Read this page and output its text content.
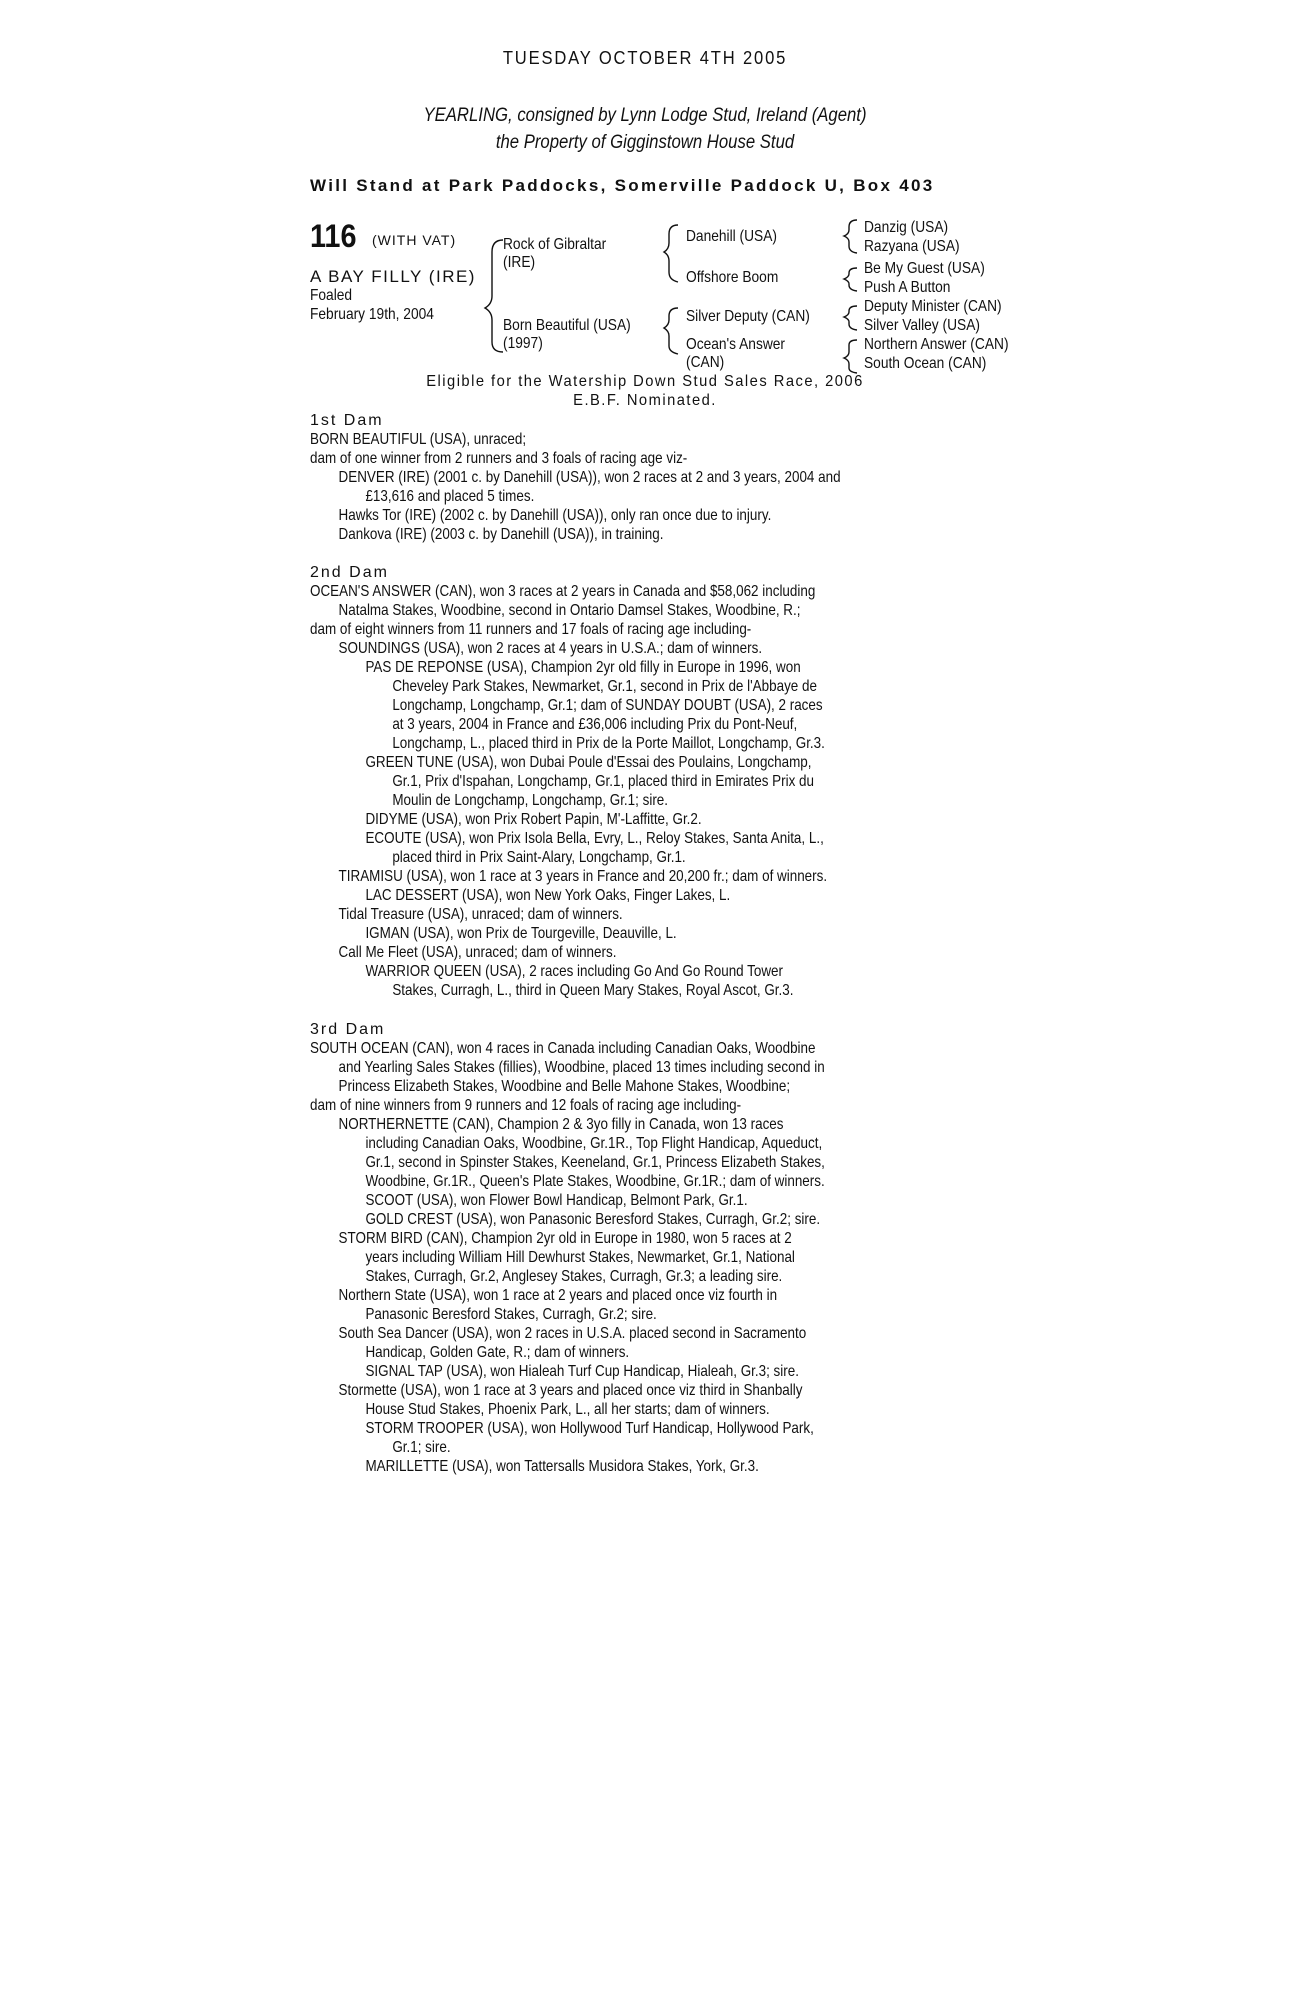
TUESDAY OCTOBER 4TH 2005
YEARLING, consigned by Lynn Lodge Stud, Ireland (Agent)
the Property of Gigginstown House Stud
Will Stand at Park Paddocks, Somerville Paddock U, Box 403
116 (WITH VAT)
A BAY FILLY (IRE)
Foaled
February 19th, 2004
Rock of Gibraltar
(IRE)
Born Beautiful (USA)
(1997)
Danehill (USA)
Offshore Boom
Silver Deputy (CAN)
Ocean's Answer
(CAN)
Danzig (USA)
Razyana (USA)
Be My Guest (USA)
Push A Button
Deputy Minister (CAN)
Silver Valley (USA)
Northern Answer (CAN)
South Ocean (CAN)
Eligible for the Watership Down Stud Sales Race, 2006
E.B.F. Nominated.
1st Dam
BORN BEAUTIFUL (USA), unraced;
dam of one winner from 2 runners and 3 foals of racing age viz-
DENVER (IRE) (2001 c. by Danehill (USA)), won 2 races at 2 and 3 years, 2004 and
£13,616 and placed 5 times.
Hawks Tor (IRE) (2002 c. by Danehill (USA)), only ran once due to injury.
Dankova (IRE) (2003 c. by Danehill (USA)), in training.
2nd Dam
OCEAN'S ANSWER (CAN), won 3 races at 2 years in Canada and $58,062 including
Natalma Stakes, Woodbine, second in Ontario Damsel Stakes, Woodbine, R.;
dam of eight winners from 11 runners and 17 foals of racing age including-
SOUNDINGS (USA), won 2 races at 4 years in U.S.A.; dam of winners.
PAS DE REPONSE (USA), Champion 2yr old filly in Europe in 1996, won
Cheveley Park Stakes, Newmarket, Gr.1, second in Prix de l'Abbaye de
Longchamp, Longchamp, Gr.1; dam of SUNDAY DOUBT (USA), 2 races
at 3 years, 2004 in France and £36,006 including Prix du Pont-Neuf,
Longchamp, L., placed third in Prix de la Porte Maillot, Longchamp, Gr.3.
GREEN TUNE (USA), won Dubai Poule d'Essai des Poulains, Longchamp,
Gr.1, Prix d'Ispahan, Longchamp, Gr.1, placed third in Emirates Prix du
Moulin de Longchamp, Longchamp, Gr.1; sire.
DIDYME (USA), won Prix Robert Papin, M'-Laffitte, Gr.2.
ECOUTE (USA), won Prix Isola Bella, Evry, L., Reloy Stakes, Santa Anita, L.,
placed third in Prix Saint-Alary, Longchamp, Gr.1.
TIRAMISU (USA), won 1 race at 3 years in France and 20,200 fr.; dam of winners.
LAC DESSERT (USA), won New York Oaks, Finger Lakes, L.
Tidal Treasure (USA), unraced; dam of winners.
IGMAN (USA), won Prix de Tourgeville, Deauville, L.
Call Me Fleet (USA), unraced; dam of winners.
WARRIOR QUEEN (USA), 2 races including Go And Go Round Tower
Stakes, Curragh, L., third in Queen Mary Stakes, Royal Ascot, Gr.3.
3rd Dam
SOUTH OCEAN (CAN), won 4 races in Canada including Canadian Oaks, Woodbine
and Yearling Sales Stakes (fillies), Woodbine, placed 13 times including second in
Princess Elizabeth Stakes, Woodbine and Belle Mahone Stakes, Woodbine;
dam of nine winners from 9 runners and 12 foals of racing age including-
NORTHERNETTE (CAN), Champion 2 & 3yo filly in Canada, won 13 races
including Canadian Oaks, Woodbine, Gr.1R., Top Flight Handicap, Aqueduct,
Gr.1, second in Spinster Stakes, Keeneland, Gr.1, Princess Elizabeth Stakes,
Woodbine, Gr.1R., Queen's Plate Stakes, Woodbine, Gr.1R.; dam of winners.
SCOOT (USA), won Flower Bowl Handicap, Belmont Park, Gr.1.
GOLD CREST (USA), won Panasonic Beresford Stakes, Curragh, Gr.2; sire.
STORM BIRD (CAN), Champion 2yr old in Europe in 1980, won 5 races at 2
years including William Hill Dewhurst Stakes, Newmarket, Gr.1, National
Stakes, Curragh, Gr.2, Anglesey Stakes, Curragh, Gr.3; a leading sire.
Northern State (USA), won 1 race at 2 years and placed once viz fourth in
Panasonic Beresford Stakes, Curragh, Gr.2; sire.
South Sea Dancer (USA), won 2 races in U.S.A. placed second in Sacramento
Handicap, Golden Gate, R.; dam of winners.
SIGNAL TAP (USA), won Hialeah Turf Cup Handicap, Hialeah, Gr.3; sire.
Stormette (USA), won 1 race at 3 years and placed once viz third in Shanbally
House Stud Stakes, Phoenix Park, L., all her starts; dam of winners.
STORM TROOPER (USA), won Hollywood Turf Handicap, Hollywood Park,
Gr.1; sire.
MARILLETTE (USA), won Tattersalls Musidora Stakes, York, Gr.3.
